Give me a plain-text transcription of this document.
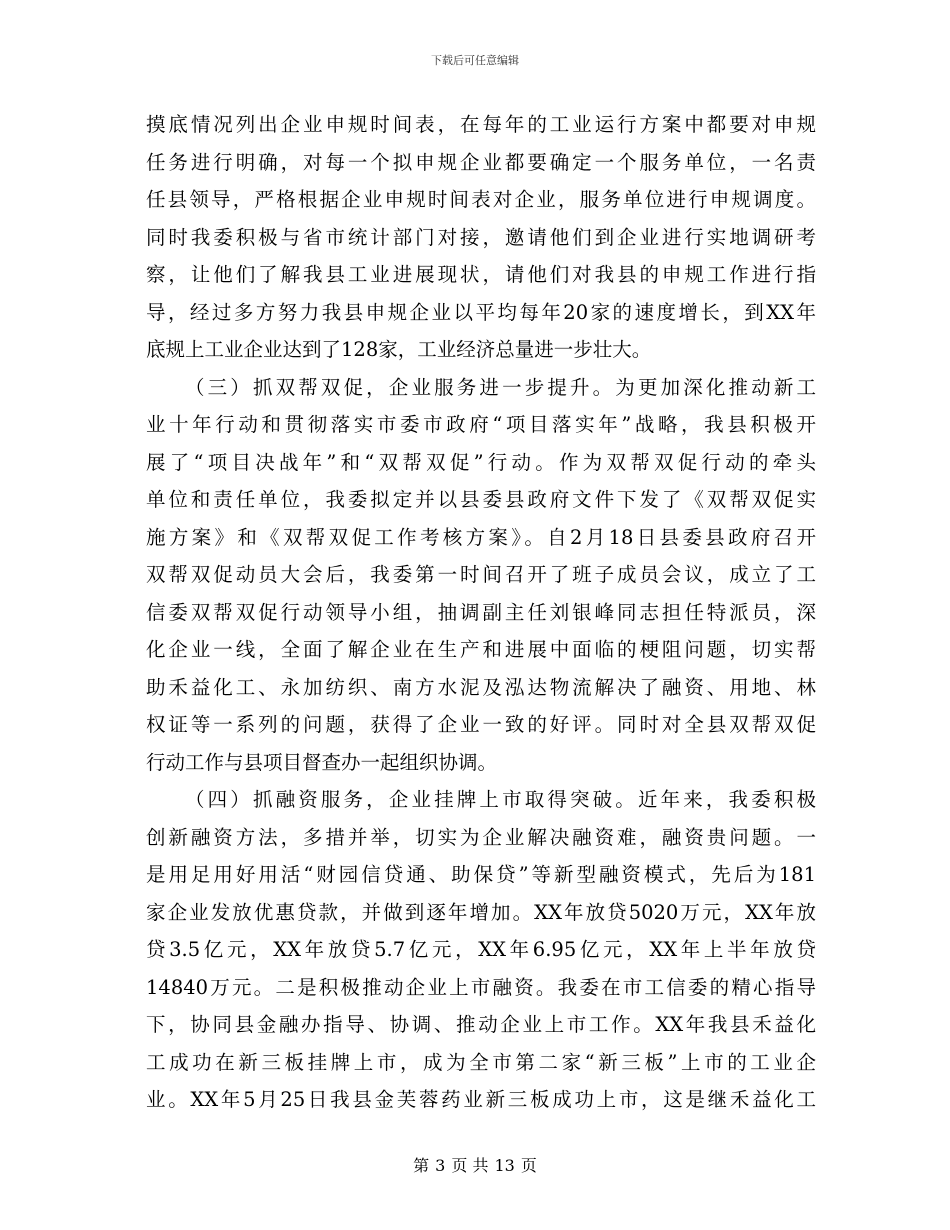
下载后可任意编辑
摸底情况列出企业申规时间表，在每年的工业运行方案中都要对申规
任务进行明确，对每一个拟申规企业都要确定一个服务单位，一名责
任县领导，严格根据企业申规时间表对企业，服务单位进行申规调度。
同时我委积极与省市统计部门对接，邀请他们到企业进行实地调研考
察，让他们了解我县工业进展现状，请他们对我县的申规工作进行指
导，经过多方努力我县申规企业以平均每年20家的速度增长，到XX年
底规上工业企业达到了128家，工业经济总量进一步壮大。
（三）抓双帮双促，企业服务进一步提升。为更加深化推动新工
业十年行动和贯彻落实市委市政府“项目落实年”战略，我县积极开
展了“项目决战年”和“双帮双促”行动。作为双帮双促行动的牵头
单位和责任单位，我委拟定并以县委县政府文件下发了《双帮双促实
施方案》和《双帮双促工作考核方案》。自2月18日县委县政府召开
双帮双促动员大会后，我委第一时间召开了班子成员会议，成立了工
信委双帮双促行动领导小组，抽调副主任刘银峰同志担任特派员，深
化企业一线，全面了解企业在生产和进展中面临的梗阻问题，切实帮
助禾益化工、永加纺织、南方水泥及泓达物流解决了融资、用地、林
权证等一系列的问题，获得了企业一致的好评。同时对全县双帮双促
行动工作与县项目督查办一起组织协调。
（四）抓融资服务，企业挂牌上市取得突破。近年来，我委积极
创新融资方法，多措并举，切实为企业解决融资难，融资贵问题。一
是用足用好用活“财园信贷通、助保贷”等新型融资模式，先后为181
家企业发放优惠贷款，并做到逐年增加。XX年放贷5020万元，XX年放
贷3.5亿元，XX年放贷5.7亿元，XX年6.95亿元，XX年上半年放贷
14840万元。二是积极推动企业上市融资。我委在市工信委的精心指导
下，协同县金融办指导、协调、推动企业上市工作。XX年我县禾益化
工成功在新三板挂牌上市，成为全市第二家“新三板”上市的工业企
业。XX年5月25日我县金芙蓉药业新三板成功上市，这是继禾益化工
第 3 页 共 13 页
